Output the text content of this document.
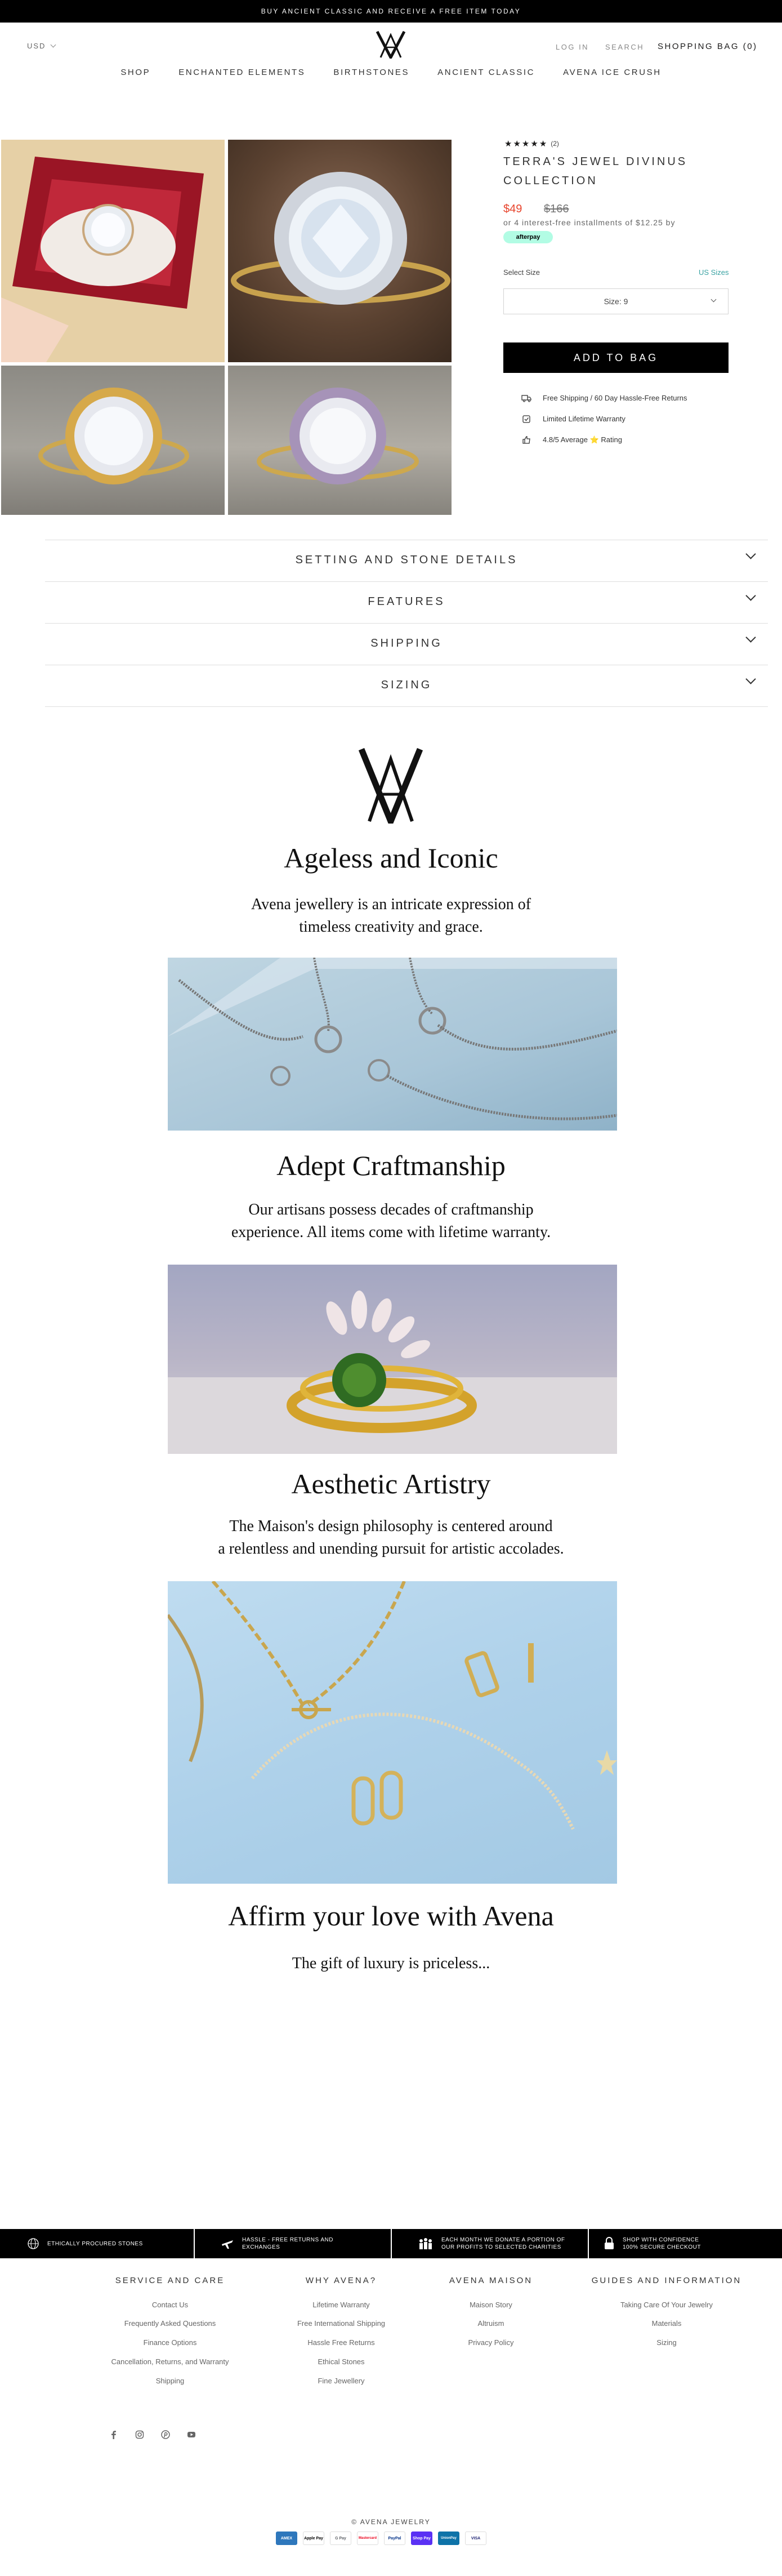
BUY ANCIENT CLASSIC AND RECEIVE A FREE ITEM TODAY
USD	LOG IN SEARCH SHOPPING BAG (0)
SHOP	ENCHANTED ELEMENTS	BIRTHSTONES	ANCIENT CLASSIC	AVENA ICE CRUSH
★ ★ ★ ★ ★ (2)
TERRA'S JEWEL DIVINUS COLLECTION
$49 $166
or 4 interest-free installments of $12.25 by
afterpay
Select Size	US Sizes
Size: 9
ADD TO BAG
Free Shipping / 60 Day Hassle-Free Returns
Limited Lifetime Warranty
4.8/5 Average ⭐ Rating
SETTING AND STONE DETAILS
FEATURES
SHIPPING
SIZING
Ageless and Iconic
Avena jewellery is an intricate expression of
timeless creativity and grace.
Adept Craftmanship
Our artisans possess decades of craftmanship
experience. All items come with lifetime warranty.
Aesthetic Artistry
The Maison's design philosophy is centered around
a relentless and unending pursuit for artistic accolades.
Affirm your love with Avena
The gift of luxury is priceless...
ETHICALLY PROCURED STONES
HASSLE - FREE RETURNS AND
EXCHANGES
EACH MONTH WE DONATE A PORTION OF
OUR PROFITS TO SELECTED CHARITIES
SHOP WITH CONFIDENCE
100% SECURE CHECKOUT
SERVICE AND CARE
Contact Us
Frequently Asked Questions
Finance Options
Cancellation, Returns, and Warranty
Shipping
WHY AVENA?
Lifetime Warranty
Free International Shipping
Hassle Free Returns
Ethical Stones
Fine Jewellery
AVENA MAISON
Maison Story
Altruism
Privacy Policy
GUIDES AND INFORMATION
Taking Care Of Your Jewelry
Materials
Sizing
© AVENA JEWELRY
AMEX	Apple Pay	G Pay	Mastercard	PayPal	Shop Pay	UnionPay	VISA
